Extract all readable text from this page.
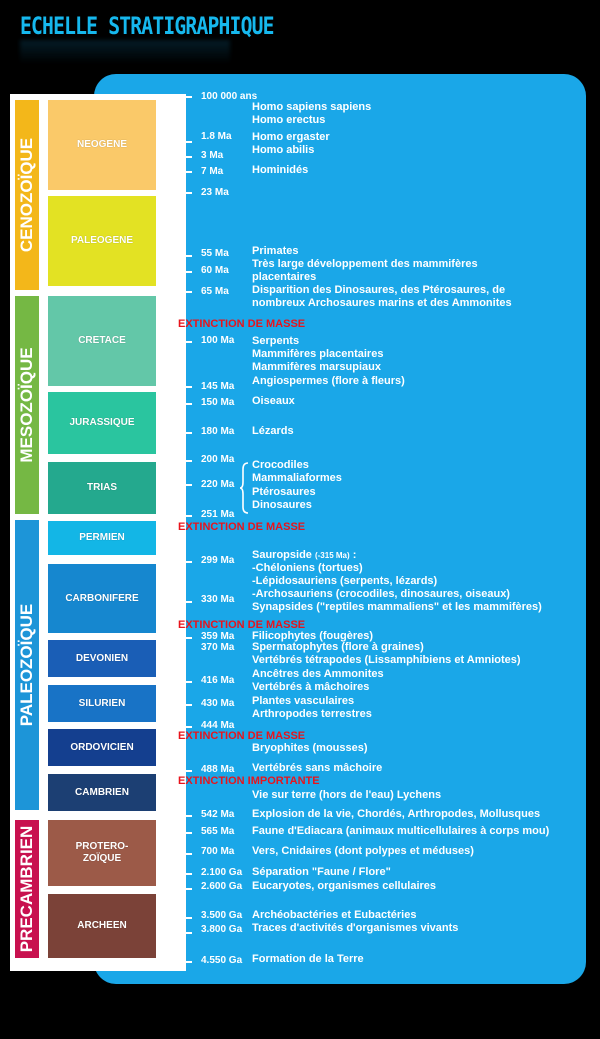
ECHELLE STRATIGRAPHIQUE
CENOZOÏQUE
MESOZOÏQUE
PALEOZOÏQUE
PRECAMBRIEN
NEOGENE
PALEOGENE
CRETACE
JURASSIQUE
TRIAS
PERMIEN
CARBONIFERE
DEVONIEN
SILURIEN
ORDOVICIEN
CAMBRIEN
PROTERO-
ZOÏQUE
ARCHEEN
100 000 ans
1.8 Ma
3 Ma
7 Ma
23 Ma
55 Ma
60 Ma
65 Ma
100 Ma
145 Ma
150 Ma
180 Ma
200 Ma
220 Ma
251 Ma
299 Ma
330 Ma
359 Ma
370 Ma
416 Ma
430 Ma
444 Ma
488 Ma
542 Ma
565 Ma
700 Ma
2.100 Ga
2.600 Ga
3.500 Ga
3.800 Ga
4.550 Ga
EXTINCTION DE MASSE
EXTINCTION DE MASSE
EXTINCTION DE MASSE
EXTINCTION DE MASSE
EXTINCTION IMPORTANTE
Homo sapiens sapiens
Homo erectus
Homo ergaster
Homo abilis
Hominidés
Primates
Très large développement des mammifères
placentaires
Disparition des Dinosaures, des Ptérosaures, de
nombreux Archosaures marins et des Ammonites
Serpents
Mammifères placentaires
Mammifères marsupiaux
Angiospermes (flore à fleurs)
Oiseaux
Lézards
Crocodiles
Mammaliaformes
Ptérosaures
Dinosaures
Sauropside (-315 Ma) :
-Chéloniens (tortues)
-Lépidosauriens (serpents, lézards)
-Archosauriens (crocodiles, dinosaures, oiseaux)
Synapsides ("reptiles mammaliens" et les mammifères)
Filicophytes (fougères)
Spermatophytes (flore à graines)
Vertébrés tétrapodes (Lissamphibiens et Amniotes)
Ancêtres des Ammonites
Vertébrés à mâchoires
Plantes vasculaires
Arthropodes terrestres
Bryophites (mousses)
Vertébrés sans mâchoire
Vie sur terre (hors de l'eau) Lychens
Explosion de la vie, Chordés, Arthropodes, Mollusques
Faune d'Ediacara (animaux multicellulaires à corps mou)
Vers, Cnidaires (dont polypes et méduses)
Séparation "Faune / Flore"
Eucaryotes, organismes cellulaires
Archéobactéries et Eubactéries
Traces d'activités d'organismes vivants
Formation de la Terre
